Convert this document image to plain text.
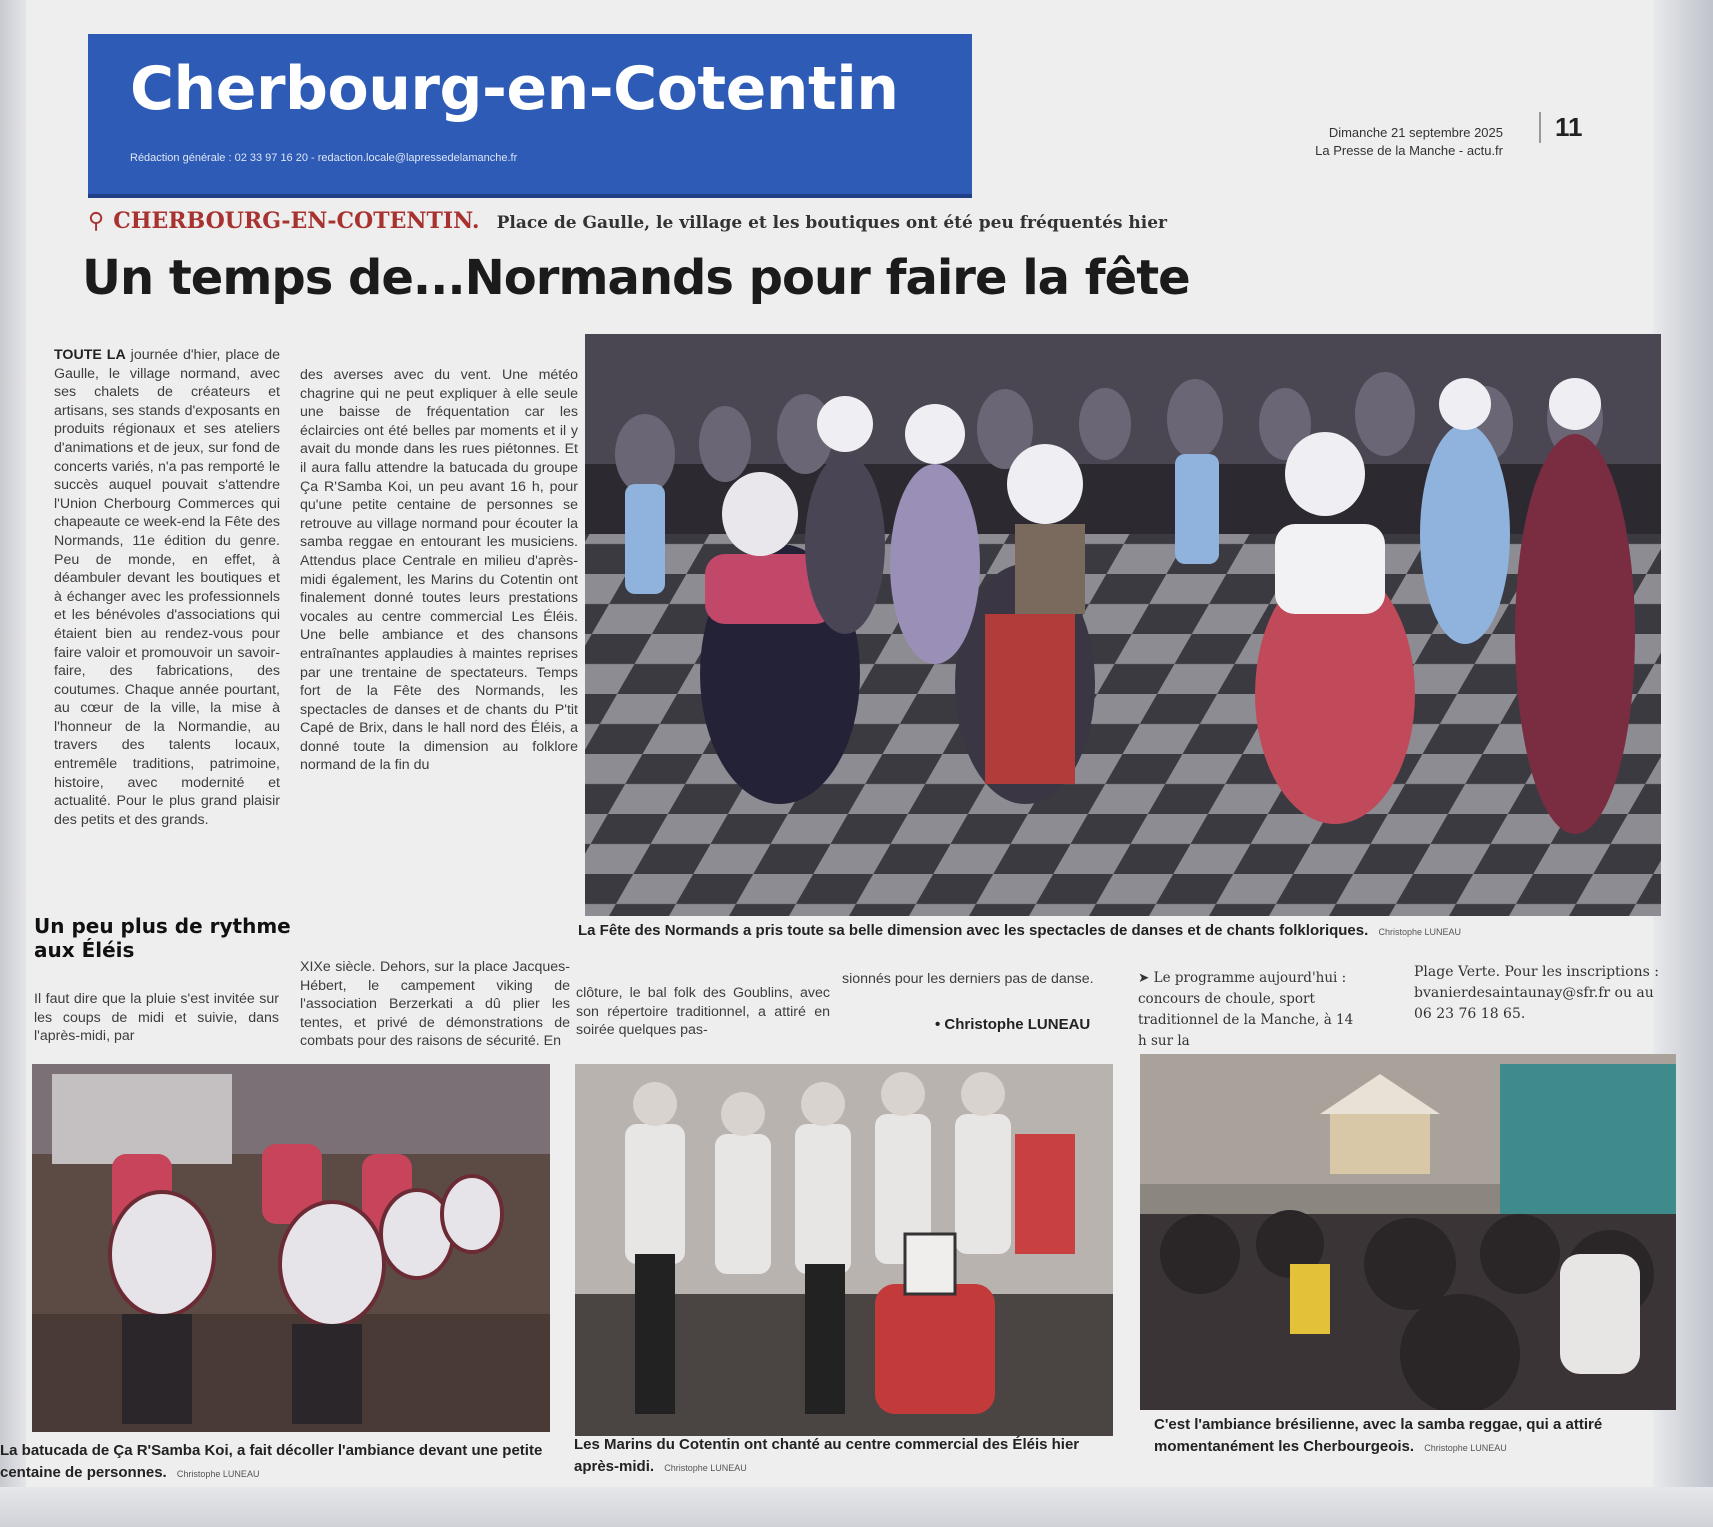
Cherbourg-en-Cotentin
Rédaction générale : 02 33 97 16 20 - redaction.locale@lapressedelamanche.fr
Dimanche 21 septembre 2025
La Presse de la Manche - actu.fr
11
⚲ CHERBOURG-EN-COTENTIN. Place de Gaulle, le village et les boutiques ont été peu fréquentés hier
Un temps de...Normands pour faire la fête
TOUTE LA journée d'hier, place de Gaulle, le village normand, avec ses chalets de créateurs et artisans, ses stands d'exposants en produits régionaux et ses ateliers d'animations et de jeux, sur fond de concerts variés, n'a pas remporté le succès auquel pouvait s'attendre l'Union Cherbourg Commerces qui chapeaute ce week-end la Fête des Normands, 11e édition du genre. Peu de monde, en effet, à déambuler devant les boutiques et à échanger avec les professionnels et les bénévoles d'associations qui étaient bien au rendez-vous pour faire valoir et promouvoir un savoir-faire, des fabrications, des coutumes. Chaque année pourtant, au cœur de la ville, la mise à l'honneur de la Normandie, au travers des talents locaux, entremêle traditions, patrimoine, histoire, avec modernité et actualité. Pour le plus grand plaisir des petits et des grands.
des averses avec du vent. Une météo chagrine qui ne peut expliquer à elle seule une baisse de fréquentation car les éclaircies ont été belles par moments et il y avait du monde dans les rues piétonnes. Et il aura fallu attendre la batucada du groupe Ça R'Samba Koi, un peu avant 16 h, pour qu'une petite centaine de personnes se retrouve au village normand pour écouter la samba reggae en entourant les musiciens. Attendus place Centrale en milieu d'après-midi également, les Marins du Cotentin ont finalement donné toutes leurs prestations vocales au centre commercial Les Éléis. Une belle ambiance et des chansons entraînantes applaudies à maintes reprises par une trentaine de spectateurs. Temps fort de la Fête des Normands, les spectacles de danses et de chants du P'tit Capé de Brix, dans le hall nord des Éléis, a donné toute la dimension au folklore normand de la fin du
Un peu plus de rythme aux Éléis
Il faut dire que la pluie s'est invitée sur les coups de midi et suivie, dans l'après-midi, par
XIXe siècle. Dehors, sur la place Jacques-Hébert, le campement viking de l'association Berzerkati a dû plier les tentes, et privé de démonstrations de combats pour des raisons de sécurité. En
clôture, le bal folk des Goublins, avec son répertoire traditionnel, a attiré en soirée quelques pas-
sionnés pour les derniers pas de danse.
• Christophe LUNEAU
➤ Le programme aujourd'hui : concours de choule, sport traditionnel de la Manche, à 14 h sur la
Plage Verte. Pour les inscriptions : bvanierdesaintaunay@sfr.fr ou au 06 23 76 18 65.
La Fête des Normands a pris toute sa belle dimension avec les spectacles de danses et de chants folkloriques. Christophe LUNEAU
La batucada de Ça R'Samba Koi, a fait décoller l'ambiance devant une petite centaine de personnes. Christophe LUNEAU
Les Marins du Cotentin ont chanté au centre commercial des Éléis hier après-midi. Christophe LUNEAU
C'est l'ambiance brésilienne, avec la samba reggae, qui a attiré momentanément les Cherbourgeois. Christophe LUNEAU
